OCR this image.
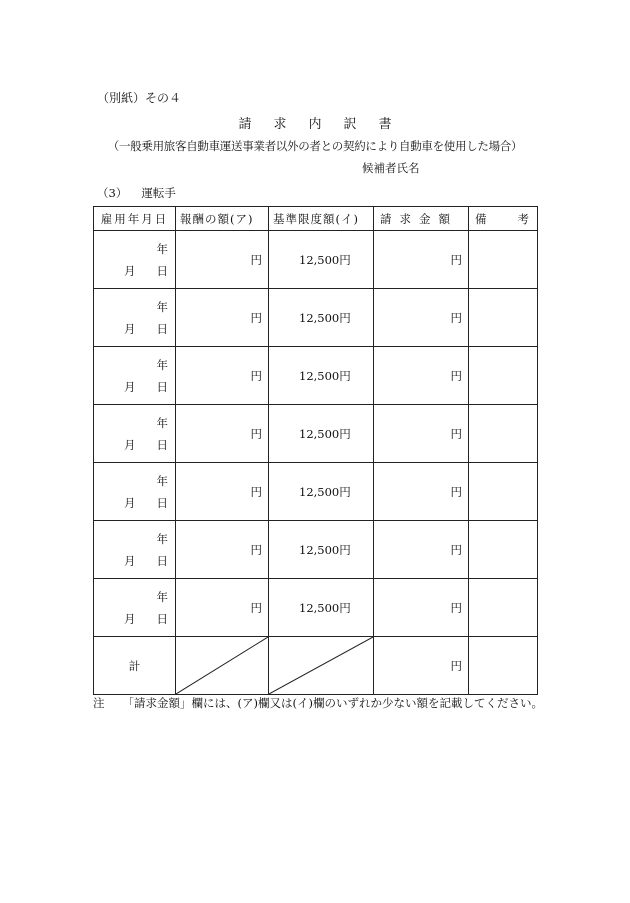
（別紙）その４
請求内訳書
（一般乗用旅客自動車運送事業者以外の者との契約により自動車を使用した場合）
候補者氏名
（3） 運転手
雇用年月日	報酬の額(ア)	基準限度額(イ)	請求金額	備 考

年
月 日	円	12,500円	円	

年
月 日	円	12,500円	円	

年
月 日	円	12,500円	円	

年
月 日	円	12,500円	円	

年
月 日	円	12,500円	円	

年
月 日	円	12,500円	円	

年
月 日	円	12,500円	円	
計			円	
注 「請求金額」欄には、(ア)欄又は(イ)欄のいずれか少ない額を記載してください。
